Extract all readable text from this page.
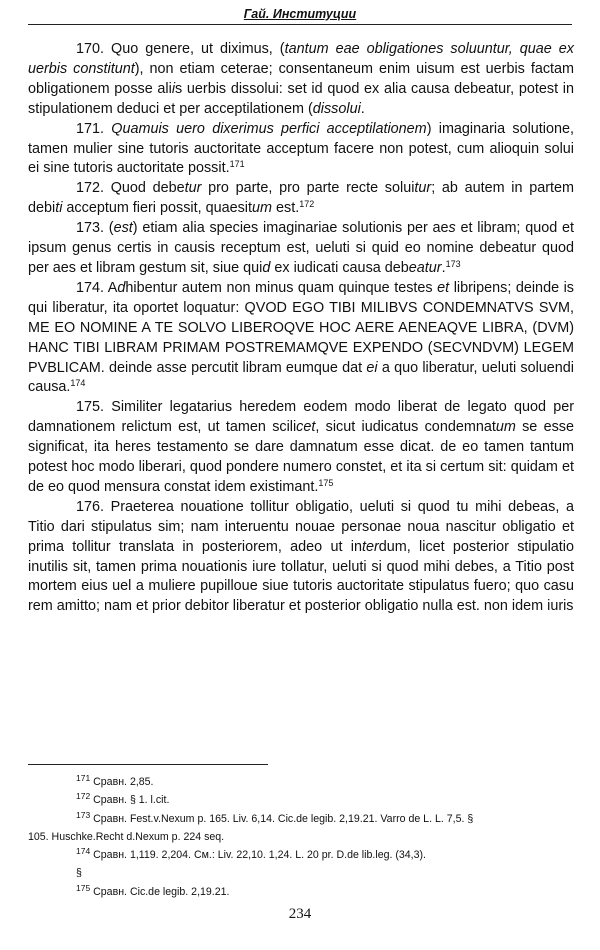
Гай. Институции

170. Quo genere, ut diximus, (tantum eae obligationes soluuntur, quae ex uerbis constitunt), non etiam ceterae; consentaneum enim uisum est uerbis factam obligationem posse aliis uerbis dissolui: set id quod ex alia causa debeatur, potest in stipulationem deduci et per acceptilationem (dissolui.

171. Quamuis uero dixerimus perfici acceptilationem) imaginaria solutione, tamen mulier sine tutoris auctoritate acceptum facere non potest, cum alioquin solui ei sine tutoris auctoritate possit.$^{171}$

172. Quod debetur pro parte, pro parte recte soluitur; ab autem in partem debiti acceptum fieri possit, quaesitum est.$^{172}$

173. (est) etiam alia species imaginariae solutionis per aes et libram; quod et ipsum genus certis in causis receptum est, ueluti si quid eo nomine debeatur quod per aes et libram gestum sit, siue quid ex iudicati causa debeatur.$^{173}$

174. Adhibentur autem non minus quam quinque testes et libripens; deinde is qui liberatur, ita oportet loquatur: QVOD EGO TIBI MILIBVS CONDEMNATVS SVM, ME EO NOMINE A TE SOLVO LIBEROQVE HOC AERE AENEAQVE LIBRA, (DVM) HANC TIBI LIBRAM PRIMAM POSTREMAMQVE EXPENDO (SECVNDVM) LEGEM PVBLICAM. deinde asse percutit libram eumque dat ei a quo liberatur, ueluti soluendi causa.$^{174}$

175. Similiter legatarius heredem eodem modo liberat de legato quod per damnationem relictum est, ut tamen scilicet, sicut iudicatus condemnatum se esse significat, ita heres testamento se dare damnatum esse dicat. de eo tamen tantum potest hoc modo liberari, quod pondere numero constet, et ita si certum sit: quidam et de eo quod mensura constat idem existimant.$^{175}$

176. Praeterea nouatione tollitur obligatio, ueluti si quod tu mihi debeas, a Titio dari stipulatus sim; nam interuentu nouae personae noua nascitur obligatio et prima tollitur translata in posteriorem, adeo ut interdum, licet posterior stipulatio inutilis sit, tamen prima nouationis iure tollatur, ueluti si quod mihi debes, a Titio post mortem eius uel a muliere pupilloue siue tutoris auctoritate stipulatus fuero; quo casu rem amitto; nam et prior debitor liberatur et posterior obligatio nulla est. non idem iuris

$^{171}$ Сравн. 2,85.

$^{172}$ Сравн. § 1. l.cit.

$^{173}$ Сравн. Fest.v.Nexum p. 165. Liv. 6,14. Cic.de legib. 2,19.21. Varro de L. L. 7,5. §

105. Huschke.Recht d.Nexum p. 224 seq.

$^{174}$ Сравн. 1,119. 2,204. См.: Liv. 22,10. 1,24. L. 20 pr. D.de lib.leg. (34,3).

§

$^{175}$ Сравн. Cic.de legib. 2,19.21.

234
